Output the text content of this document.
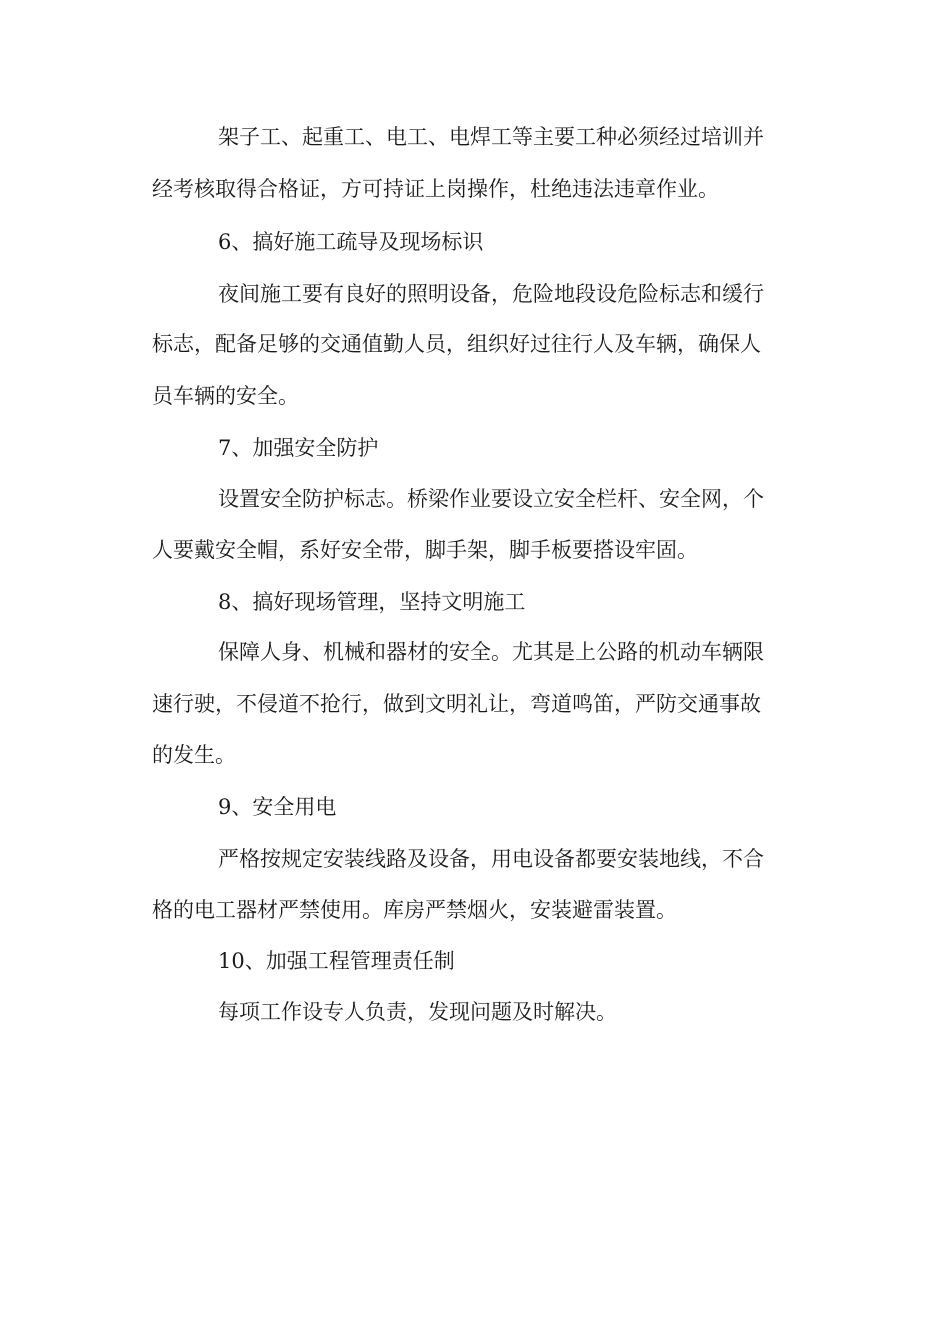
架子工、起重工、电工、电焊工等主要工种必须经过培训并
经考核取得合格证，方可持证上岗操作，杜绝违法违章作业。
6、搞好施工疏导及现场标识
夜间施工要有良好的照明设备，危险地段设危险标志和缓行
标志，配备足够的交通值勤人员，组织好过往行人及车辆，确保人
员车辆的安全。
7、加强安全防护
设置安全防护标志。桥梁作业要设立安全栏杆、安全网，个
人要戴安全帽，系好安全带，脚手架，脚手板要搭设牢固。
8、搞好现场管理，坚持文明施工
保障人身、机械和器材的安全。尤其是上公路的机动车辆限
速行驶，不侵道不抢行，做到文明礼让，弯道鸣笛，严防交通事故
的发生。
9、安全用电
严格按规定安装线路及设备，用电设备都要安装地线，不合
格的电工器材严禁使用。库房严禁烟火，安装避雷装置。
10、加强工程管理责任制
每项工作设专人负责，发现问题及时解决。
